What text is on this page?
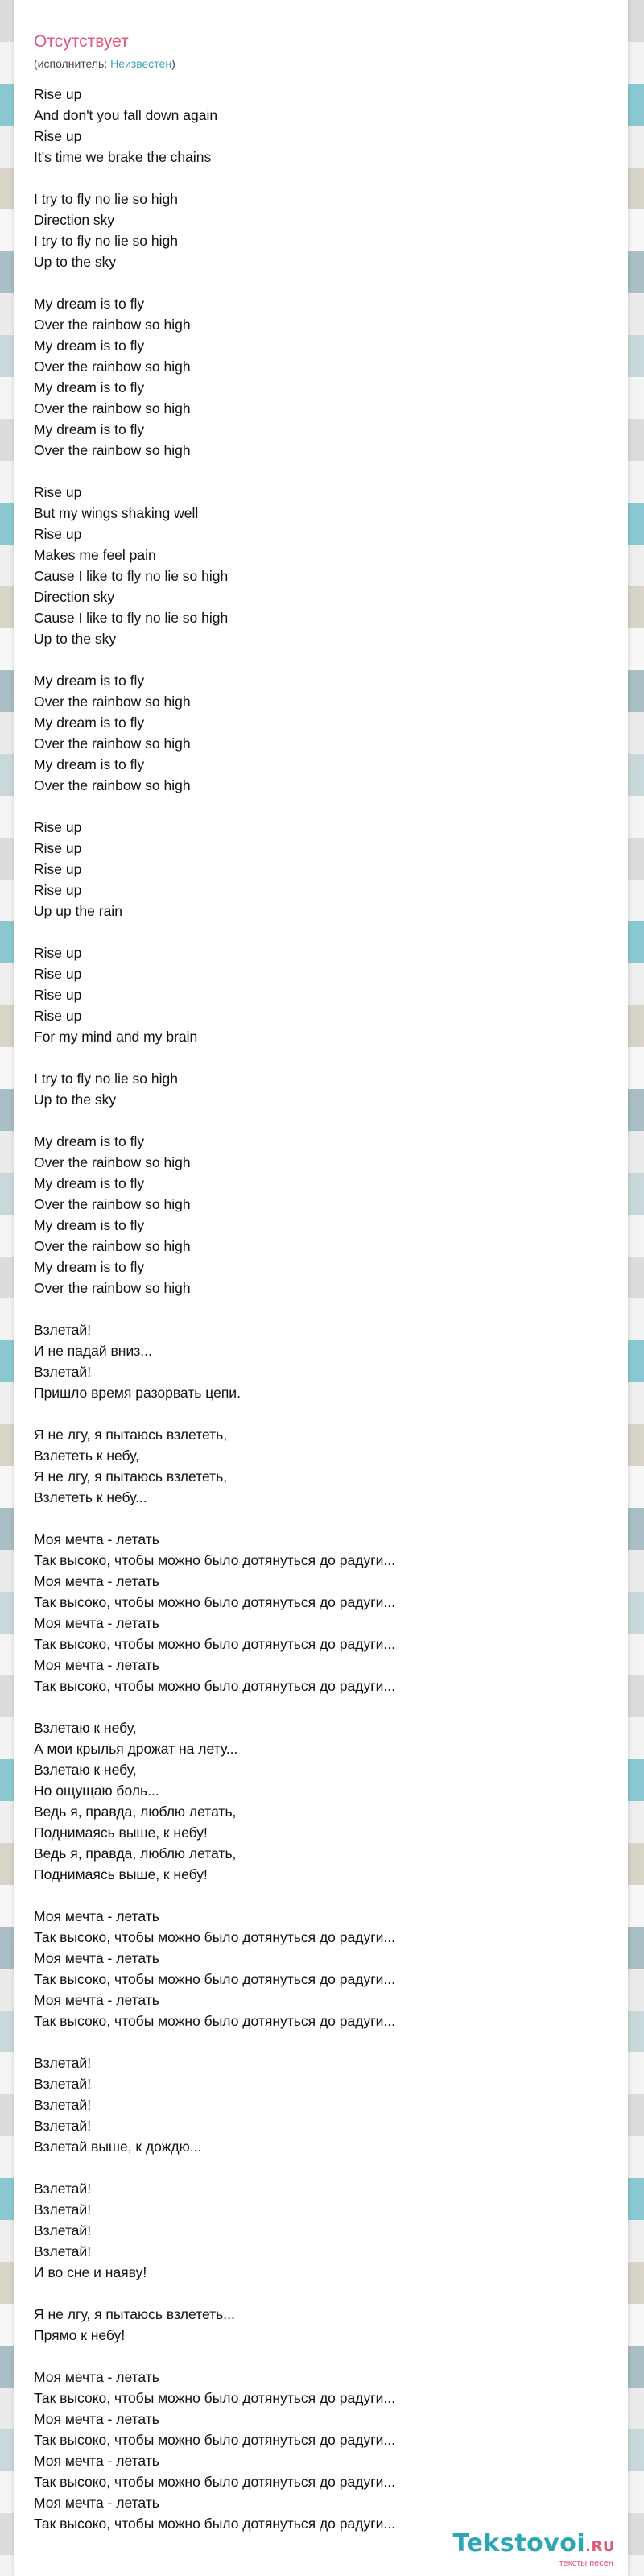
Отсутствует
(исполнитель: Неизвестен)
Rise up
And don't you fall down again
Rise up
It's time we brake the chains
I try to fly no lie so high
Direction sky
I try to fly no lie so high
Up to the sky
My dream is to fly
Over the rainbow so high
My dream is to fly
Over the rainbow so high
My dream is to fly
Over the rainbow so high
My dream is to fly
Over the rainbow so high
Rise up
But my wings shaking well
Rise up
Makes me feel pain
Cause I like to fly no lie so high
Direction sky
Cause I like to fly no lie so high
Up to the sky
My dream is to fly
Over the rainbow so high
My dream is to fly
Over the rainbow so high
My dream is to fly
Over the rainbow so high
Rise up
Rise up
Rise up
Rise up
Up up the rain
Rise up
Rise up
Rise up
Rise up
For my mind and my brain
I try to fly no lie so high
Up to the sky
My dream is to fly
Over the rainbow so high
My dream is to fly
Over the rainbow so high
My dream is to fly
Over the rainbow so high
My dream is to fly
Over the rainbow so high
Взлетай!
И не падай вниз...
Взлетай!
Пришло время разорвать цепи.
Я не лгу, я пытаюсь взлететь,
Взлететь к небу,
Я не лгу, я пытаюсь взлететь,
Взлететь к небу...
Моя мечта - летать
Так высоко, чтобы можно было дотянуться до радуги...
Моя мечта - летать
Так высоко, чтобы можно было дотянуться до радуги...
Моя мечта - летать
Так высоко, чтобы можно было дотянуться до радуги...
Моя мечта - летать
Так высоко, чтобы можно было дотянуться до радуги...
Взлетаю к небу,
А мои крылья дрожат на лету...
Взлетаю к небу,
Но ощущаю боль...
Ведь я, правда, люблю летать,
Поднимаясь выше, к небу!
Ведь я, правда, люблю летать,
Поднимаясь выше, к небу!
Моя мечта - летать
Так высоко, чтобы можно было дотянуться до радуги...
Моя мечта - летать
Так высоко, чтобы можно было дотянуться до радуги...
Моя мечта - летать
Так высоко, чтобы можно было дотянуться до радуги...
Взлетай!
Взлетай!
Взлетай!
Взлетай!
Взлетай выше, к дождю...
Взлетай!
Взлетай!
Взлетай!
Взлетай!
И во сне и наяву!
Я не лгу, я пытаюсь взлететь...
Прямо к небу!
Моя мечта - летать
Так высоко, чтобы можно было дотянуться до радуги...
Моя мечта - летать
Так высоко, чтобы можно было дотянуться до радуги...
Моя мечта - летать
Так высоко, чтобы можно было дотянуться до радуги...
Моя мечта - летать
Так высоко, чтобы можно было дотянуться до радуги...
Tekstovoi.RU
тексты песен
